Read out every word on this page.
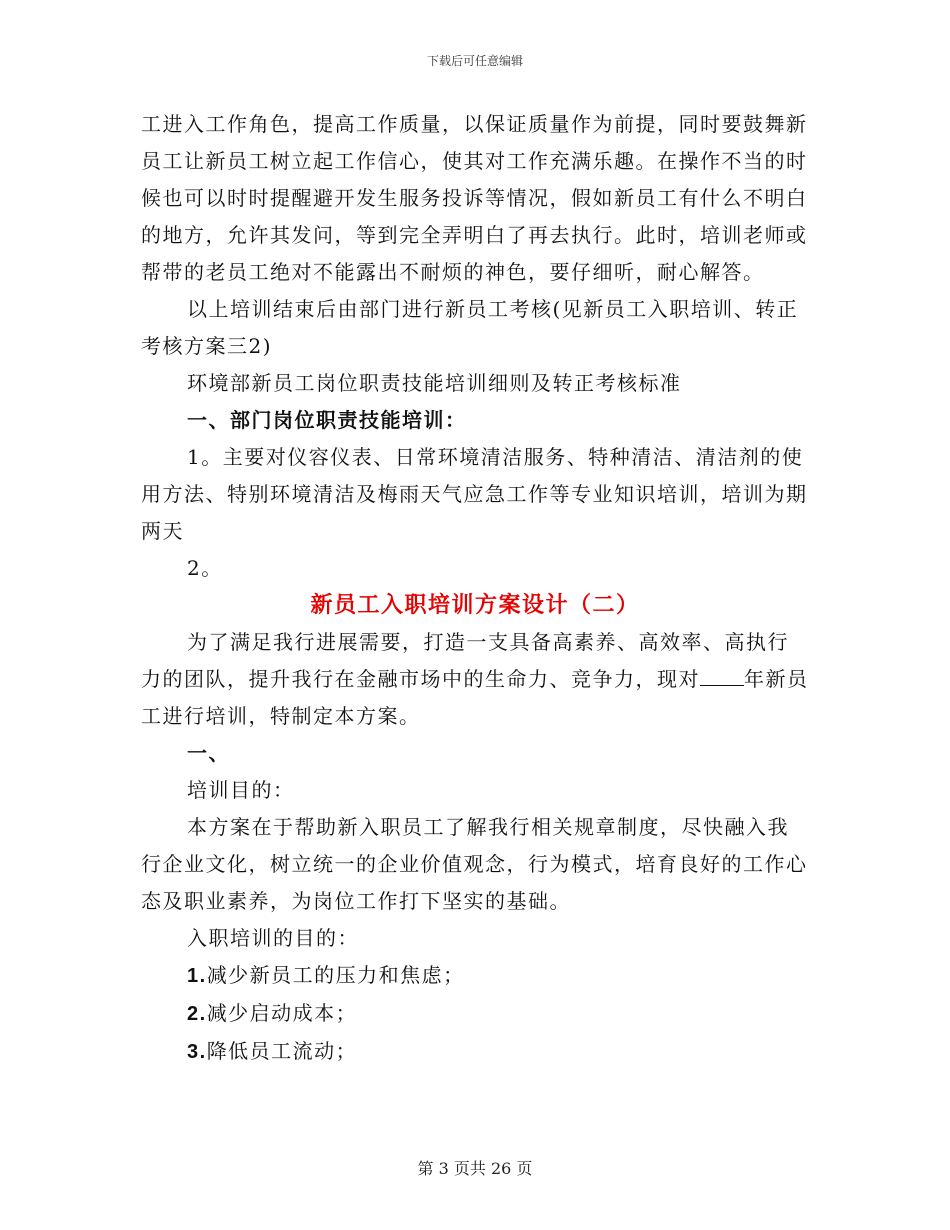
下载后可任意编辑

工进入工作角色，提高工作质量，以保证质量作为前提，同时要鼓舞新员工让新员工树立起工作信心，使其对工作充满乐趣。在操作不当的时候也可以时时提醒避开发生服务投诉等情况，假如新员工有什么不明白的地方，允许其发问，等到完全弄明白了再去执行。此时，培训老师或帮带的老员工绝对不能露出不耐烦的神色，要仔细听，耐心解答。

以上培训结束后由部门进行新员工考核(见新员工入职培训、转正考核方案三2)

环境部新员工岗位职责技能培训细则及转正考核标准

一、部门岗位职责技能培训：

1。主要对仪容仪表、日常环境清洁服务、特种清洁、清洁剂的使用方法、特别环境清洁及梅雨天气应急工作等专业知识培训，培训为期两天

2。

新员工入职培训方案设计（二）

为了满足我行进展需要，打造一支具备高素养、高效率、高执行力的团队，提升我行在金融市场中的生命力、竞争力，现对 年新员工进行培训，特制定本方案。

一、

培训目的：

本方案在于帮助新入职员工了解我行相关规章制度，尽快融入我行企业文化，树立统一的企业价值观念，行为模式，培育良好的工作心态及职业素养，为岗位工作打下坚实的基础。

入职培训的目的：

1.减少新员工的压力和焦虑；

2.减少启动成本；

3.降低员工流动；

第 3 页共 26 页
